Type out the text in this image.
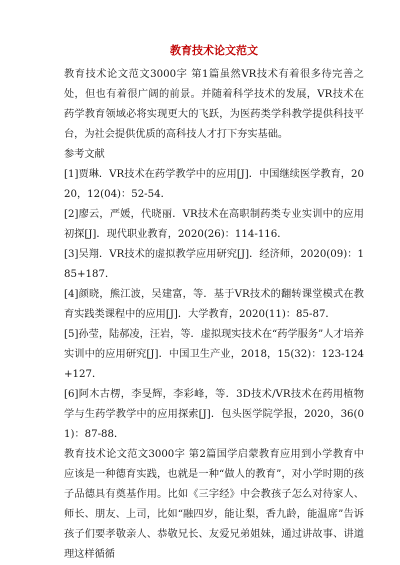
教育技术论文范文

教育技术论文范文3000字 第1篇虽然VR技术有着很多待完善之处，但也有着很广阔的前景。并随着科学技术的发展，VR技术在药学教育领域必将实现更大的飞跃，为医药类学科教学提供科技平台，为社会提供优质的高科技人才打下夯实基础。

参考文献

[1]贾琳．VR技术在药学教学中的应用[J]．中国继续医学教育，2020，12(04)：52-54．

[2]廖云，严媛，代晓丽．VR技术在高职制药类专业实训中的应用初探[J]．现代职业教育，2020(26)：114-116．

[3]吴翔．VR技术的虚拟教学应用研究[J]．经济师，2020(09)：185+187．

[4]颜晓，熊江波，吴建富，等．基于VR技术的翻转课堂模式在教育实践类课程中的应用[J]．大学教育，2020(11)：85-87．

[5]孙莹，陆郝凌，汪岩，等．虚拟现实技术在“药学服务”人才培养实训中的应用研究[J]．中国卫生产业，2018，15(32)：123-124+127．

[6]阿木古楞，李旻辉，李彩峰，等．3D技术/VR技术在药用植物学与生药学教学中的应用探索[J]．包头医学院学报，2020，36(01)：87-88．

教育技术论文范文3000字 第2篇国学启蒙教育应用到小学教育中应该是一种德育实践，也就是一种“做人的教育”，对小学时期的孩子品德具有奠基作用。比如《三字经》中会教孩子怎么对待家人、师长、朋友、上司，比如“融四岁，能让梨，香九龄，能温席”告诉孩子们要孝敬亲人、恭敬兄长、友爱兄弟姐妹，通过讲故事、讲道理这样循循
